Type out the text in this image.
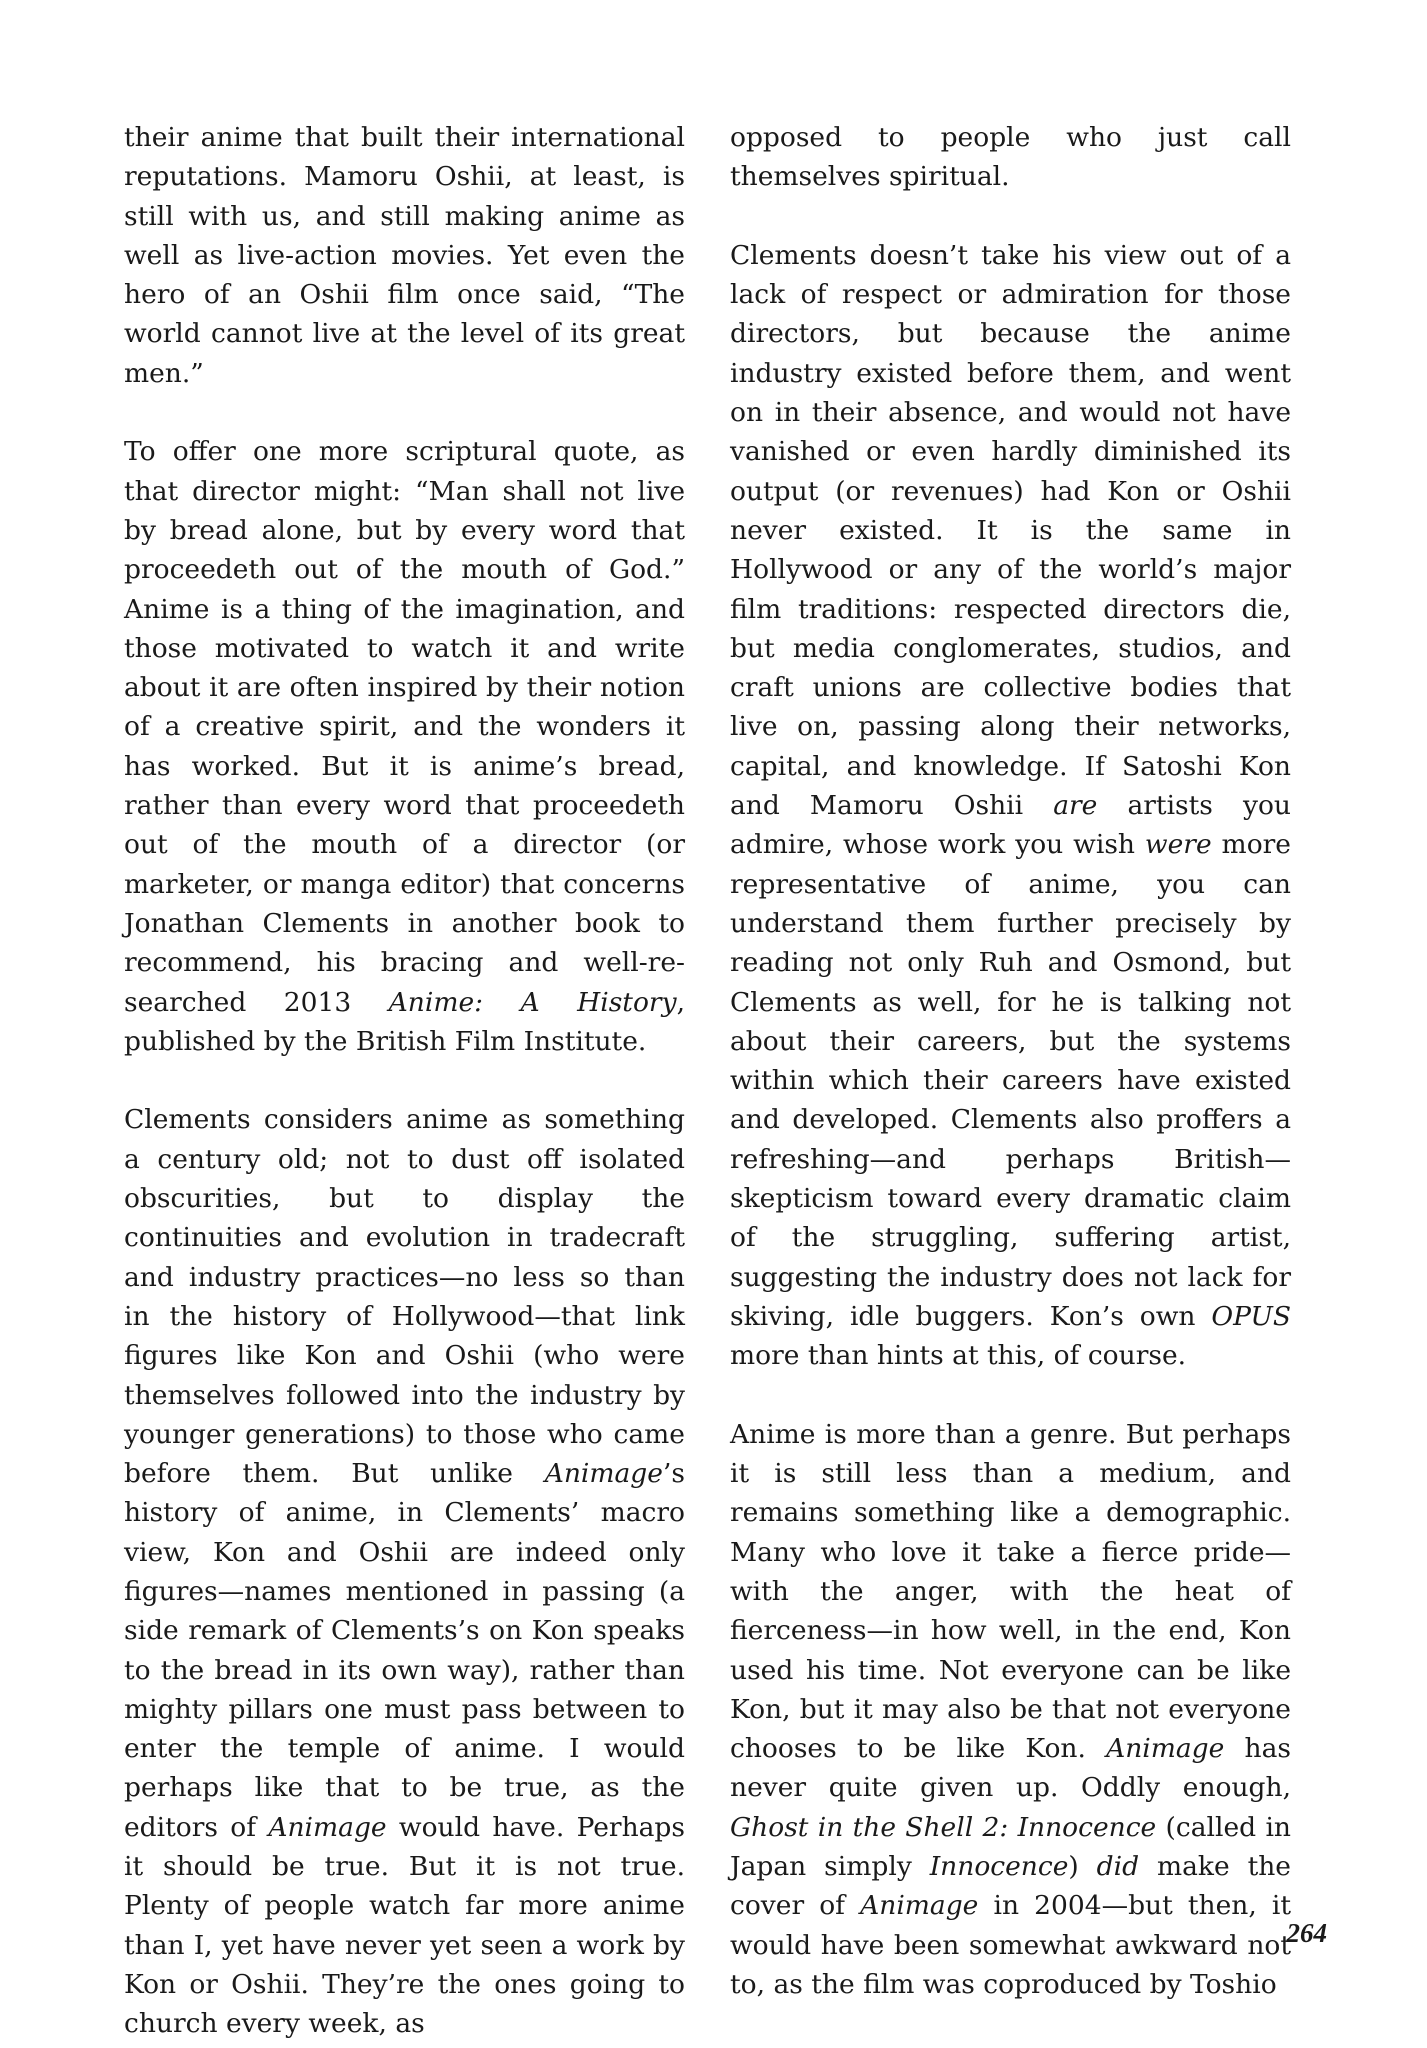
their anime that built their international reputations. Mamoru Oshii, at least, is still with us, and still making anime as well as live-action movies. Yet even the hero of an Oshii film once said, “The world cannot live at the level of its great men.”

To offer one more scriptural quote, as that director might: “Man shall not live by bread alone, but by every word that proceedeth out of the mouth of God.” Anime is a thing of the imagination, and those motivated to watch it and write about it are often inspired by their notion of a creative spirit, and the wonders it has worked. But it is anime’s bread, rather than every word that proceedeth out of the mouth of a director (or marketer, or manga editor) that concerns Jonathan Clements in another book to recommend, his bracing and well-researched 2013 Anime: A History, published by the British Film Institute.

Clements considers anime as something a century old; not to dust off isolated obscurities, but to display the continuities and evolution in tradecraft and industry practices—no less so than in the history of Hollywood—that link figures like Kon and Oshii (who were themselves followed into the industry by younger generations) to those who came before them. But unlike Animage’s history of anime, in Clements’ macro view, Kon and Oshii are indeed only figures—names mentioned in passing (a side remark of Clements’s on Kon speaks to the bread in its own way), rather than mighty pillars one must pass between to enter the temple of anime. I would perhaps like that to be true, as the editors of Animage would have. Perhaps it should be true. But it is not true. Plenty of people watch far more anime than I, yet have never yet seen a work by Kon or Oshii. They’re the ones going to church every week, as

opposed to people who just call themselves spiritual.

Clements doesn’t take his view out of a lack of respect or admiration for those directors, but because the anime industry existed before them, and went on in their absence, and would not have vanished or even hardly diminished its output (or revenues) had Kon or Oshii never existed. It is the same in Hollywood or any of the world’s major film traditions: respected directors die, but media conglomerates, studios, and craft unions are collective bodies that live on, passing along their networks, capital, and knowledge. If Satoshi Kon and Mamoru Oshii are artists you admire, whose work you wish were more representative of anime, you can understand them further precisely by reading not only Ruh and Osmond, but Clements as well, for he is talking not about their careers, but the systems within which their careers have existed and developed. Clements also proffers a refreshing—and perhaps British—skepticism toward every dramatic claim of the struggling, suffering artist, suggesting the industry does not lack for skiving, idle buggers. Kon’s own OPUS more than hints at this, of course.

Anime is more than a genre. But perhaps it is still less than a medium, and remains something like a demographic. Many who love it take a fierce pride—with the anger, with the heat of fierceness—in how well, in the end, Kon used his time. Not everyone can be like Kon, but it may also be that not everyone chooses to be like Kon. Animage has never quite given up. Oddly enough, Ghost in the Shell 2: Innocence (called in Japan simply Innocence) did make the cover of Animage in 2004—but then, it would have been somewhat awkward not to, as the film was coproduced by Toshio

264
